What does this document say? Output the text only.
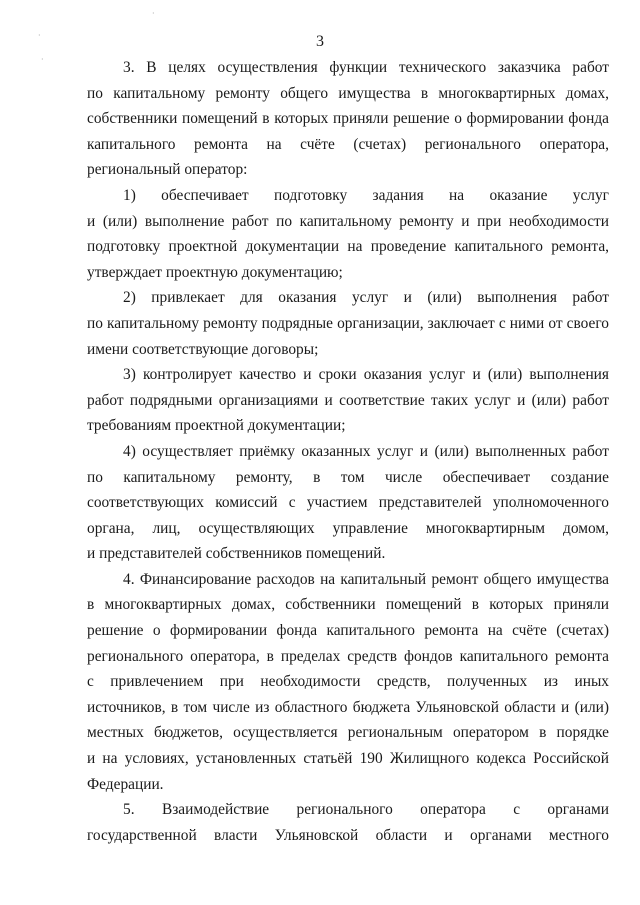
3
·
·
·
3. В целях осуществления функции технического заказчика работ
по капитальному ремонту общего имущества в многоквартирных домах,
собственники помещений в которых приняли решение о формировании фонда
капитального ремонта на счёте (счетах) регионального оператора,
региональный оператор:
1) обеспечивает подготовку задания на оказание услуг
и (или) выполнение работ по капитальному ремонту и при необходимости
подготовку проектной документации на проведение капитального ремонта,
утверждает проектную документацию;
2) привлекает для оказания услуг и (или) выполнения работ
по капитальному ремонту подрядные организации, заключает с ними от своего
имени соответствующие договоры;
3) контролирует качество и сроки оказания услуг и (или) выполнения
работ подрядными организациями и соответствие таких услуг и (или) работ
требованиям проектной документации;
4) осуществляет приёмку оказанных услуг и (или) выполненных работ
по капитальному ремонту, в том числе обеспечивает создание
соответствующих комиссий с участием представителей уполномоченного
органа, лиц, осуществляющих управление многоквартирным домом,
и представителей собственников помещений.
4. Финансирование расходов на капитальный ремонт общего имущества
в многоквартирных домах, собственники помещений в которых приняли
решение о формировании фонда капитального ремонта на счёте (счетах)
регионального оператора, в пределах средств фондов капитального ремонта
с привлечением при необходимости средств, полученных из иных
источников, в том числе из областного бюджета Ульяновской области и (или)
местных бюджетов, осуществляется региональным оператором в порядке
и на условиях, установленных статьёй 190 Жилищного кодекса Российской
Федерации.
5. Взаимодействие регионального оператора с органами
государственной власти Ульяновской области и органами местного
